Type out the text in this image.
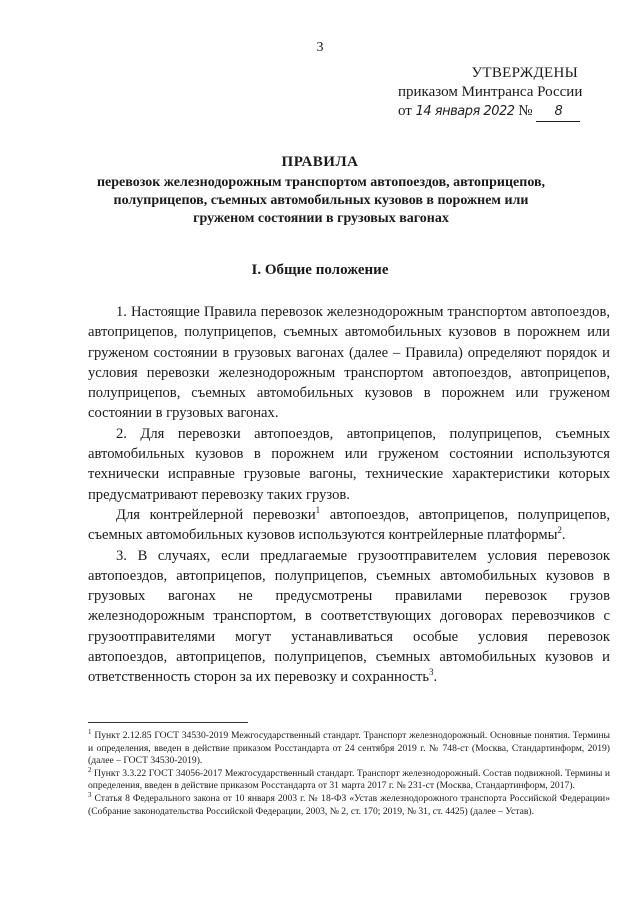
3
УТВЕРЖДЕНЫ
приказом Минтранса России
от 14 января 2022 № 8
ПРАВИЛА
перевозок железнодорожным транспортом автопоездов, автоприцепов, полуприцепов, съемных автомобильных кузовов в порожнем или груженом состоянии в грузовых вагонах
I. Общие положение

1. Настоящие Правила перевозок железнодорожным транспортом автопоездов, автоприцепов, полуприцепов, съемных автомобильных кузовов в порожнем или груженом состоянии в грузовых вагонах (далее – Правила) определяют порядок и условия перевозки железнодорожным транспортом автопоездов, автоприцепов, полуприцепов, съемных автомобильных кузовов в порожнем или груженом состоянии в грузовых вагонах.

2. Для перевозки автопоездов, автоприцепов, полуприцепов, съемных автомобильных кузовов в порожнем или груженом состоянии используются технически исправные грузовые вагоны, технические характеристики которых предусматривают перевозку таких грузов.

Для контрейлерной перевозки$^1$ автопоездов, автоприцепов, полуприцепов, съемных автомобильных кузовов используются контрейлерные платформы$^2$.

3. В случаях, если предлагаемые грузоотправителем условия перевозок автопоездов, автоприцепов, полуприцепов, съемных автомобильных кузовов в грузовых вагонах не предусмотрены правилами перевозок грузов железнодорожным транспортом, в соответствующих договорах перевозчиков с грузоотправителями могут устанавливаться особые условия перевозок автопоездов, автоприцепов, полуприцепов, съемных автомобильных кузовов и ответственность сторон за их перевозку и сохранность$^3$.

$^1$ Пункт 2.12.85 ГОСТ 34530-2019 Межгосударственный стандарт. Транспорт железнодорожный. Основные понятия. Термины и определения, введен в действие приказом Росстандарта от 24 сентября 2019 г. № 748-ст (Москва, Стандартинформ, 2019) (далее – ГОСТ 34530-2019).

$^2$ Пункт 3.3.22 ГОСТ 34056-2017 Межгосударственный стандарт. Транспорт железнодорожный. Состав подвижной. Термины и определения, введен в действие приказом Росстандарта от 31 марта 2017 г. № 231-ст (Москва, Стандартинформ, 2017).

$^3$ Статья 8 Федерального закона от 10 января 2003 г. № 18-ФЗ «Устав железнодорожного транспорта Российской Федерации» (Собрание законодательства Российской Федерации, 2003, № 2, ст. 170; 2019, № 31, ст. 4425) (далее – Устав).
